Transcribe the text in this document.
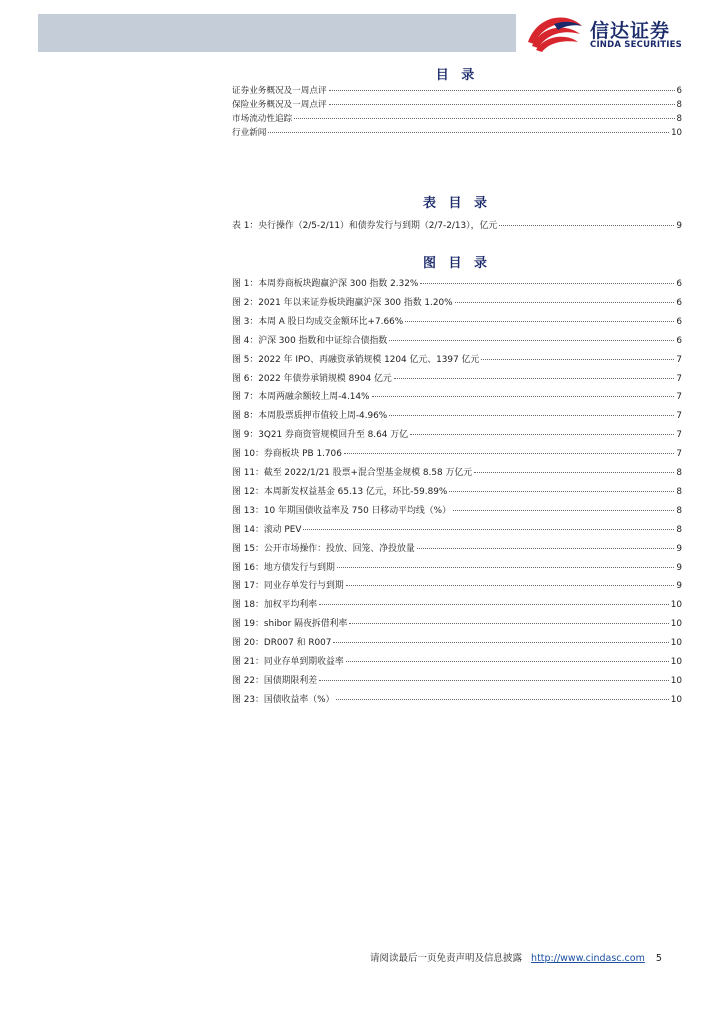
信达证券
CINDA SECURITIES
目 录
证券业务概况及一周点评	6
保险业务概况及一周点评	8
市场流动性追踪	8
行业新闻	10
表 目 录
表 1：央行操作（2/5-2/11）和债券发行与到期（2/7-2/13），亿元	9
图 目 录
图 1：本周券商板块跑赢沪深 300 指数 2.32%	6
图 2：2021 年以来证券板块跑赢沪深 300 指数 1.20%	6
图 3：本周 A 股日均成交金额环比+7.66%	6
图 4：沪深 300 指数和中证综合债指数	6
图 5：2022 年 IPO、再融资承销规模 1204 亿元、1397 亿元	7
图 6：2022 年债券承销规模 8904 亿元	7
图 7：本周两融余额较上周-4.14%	7
图 8：本周股票质押市值较上周-4.96%	7
图 9：3Q21 券商资管规模回升至 8.64 万亿	7
图 10：券商板块 PB 1.706	7
图 11：截至 2022/1/21 股票+混合型基金规模 8.58 万亿元	8
图 12：本周新发权益基金 65.13 亿元，环比-59.89%	8
图 13：10 年期国债收益率及 750 日移动平均线（%）	8
图 14：滚动 PEV	8
图 15：公开市场操作：投放、回笼、净投放量	9
图 16：地方债发行与到期	9
图 17：同业存单发行与到期	9
图 18：加权平均利率	10
图 19：shibor 隔夜拆借利率	10
图 20：DR007 和 R007	10
图 21：同业存单到期收益率	10
图 22：国债期限利差	10
图 23：国债收益率（%）	10
请阅读最后一页免责声明及信息披露 http://www.cindasc.com 5
